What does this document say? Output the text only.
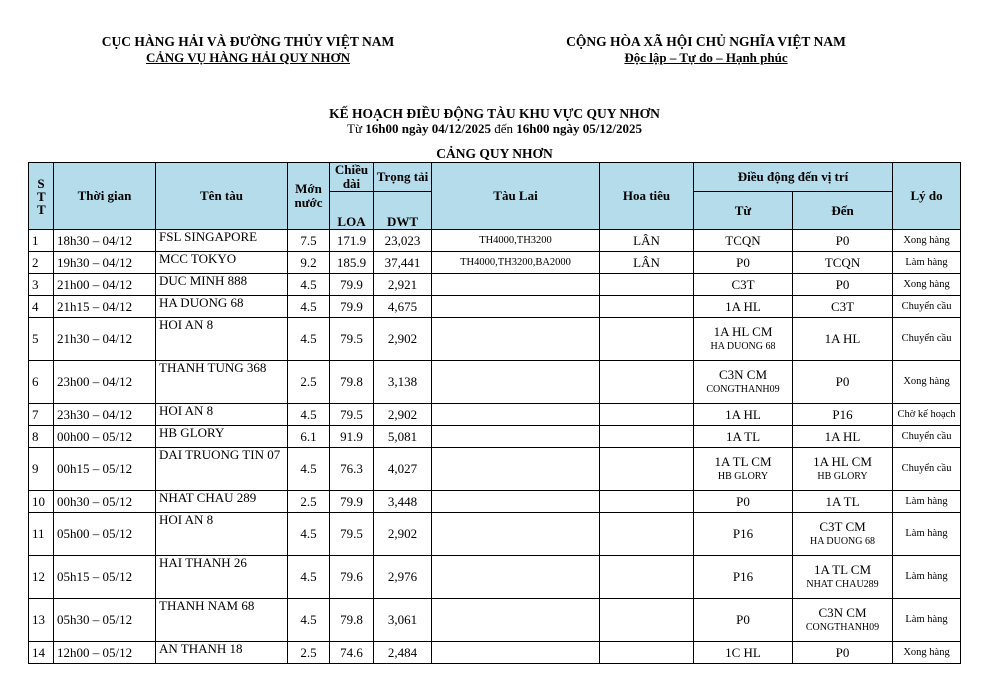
CỤC HÀNG HẢI VÀ ĐƯỜNG THỦY VIỆT NAM
CẢNG VỤ HÀNG HẢI QUY NHƠN
CỘNG HÒA XÃ HỘI CHỦ NGHĨA VIỆT NAM
Độc lập – Tự do – Hạnh phúc
KẾ HOẠCH ĐIỀU ĐỘNG TÀU KHU VỰC QUY NHƠN
Từ 16h00 ngày 04/12/2025 đến 16h00 ngày 05/12/2025
CẢNG QUY NHƠN
STT	Thời gian	Tên tàu	Mớn nước	Chiều dài	Trọng tải	Tàu Lai	Hoa tiêu	Điều động đến vị trí		Lý do
				LOA	DWT			Từ	Đến	
1	18h30 – 04/12	FSL SINGAPORE	7.5	171.9	23,023	TH4000,TH3200	LÂN	TCQN	P0	Xong hàng
2	19h30 – 04/12	MCC TOKYO	9.2	185.9	37,441	TH4000,TH3200,BA2000	LÂN	P0	TCQN	Làm hàng
3	21h00 – 04/12	DUC MINH 888	4.5	79.9	2,921			C3T	P0	Xong hàng
4	21h15 – 04/12	HA DUONG 68	4.5	79.9	4,675			1A HL	C3T	Chuyển cầu
5	21h30 – 04/12	HOI AN 8	4.5	79.5	2,902			1A HL CM
HA DUONG 68	1A HL	Chuyển cầu
6	23h00 – 04/12	THANH TUNG 368	2.5	79.8	3,138			C3N CM
CONGTHANH09	P0	Xong hàng
7	23h30 – 04/12	HOI AN 8	4.5	79.5	2,902			1A HL	P16	Chờ kế hoạch
8	00h00 – 05/12	HB GLORY	6.1	91.9	5,081			1A TL	1A HL	Chuyển cầu
9	00h15 – 05/12	DAI TRUONG TIN 07	4.5	76.3	4,027			1A TL CM
HB GLORY	1A HL CM
HB GLORY	Chuyển cầu
10	00h30 – 05/12	NHAT CHAU 289	2.5	79.9	3,448			P0	1A TL	Làm hàng
11	05h00 – 05/12	HOI AN 8	4.5	79.5	2,902			P16	C3T CM
HA DUONG 68	Làm hàng
12	05h15 – 05/12	HAI THANH 26	4.5	79.6	2,976			P16	1A TL CM
NHAT CHAU289	Làm hàng
13	05h30 – 05/12	THANH NAM 68	4.5	79.8	3,061			P0	C3N CM
CONGTHANH09	Làm hàng
14	12h00 – 05/12	AN THANH 18	2.5	74.6	2,484			1C HL	P0	Xong hàng
